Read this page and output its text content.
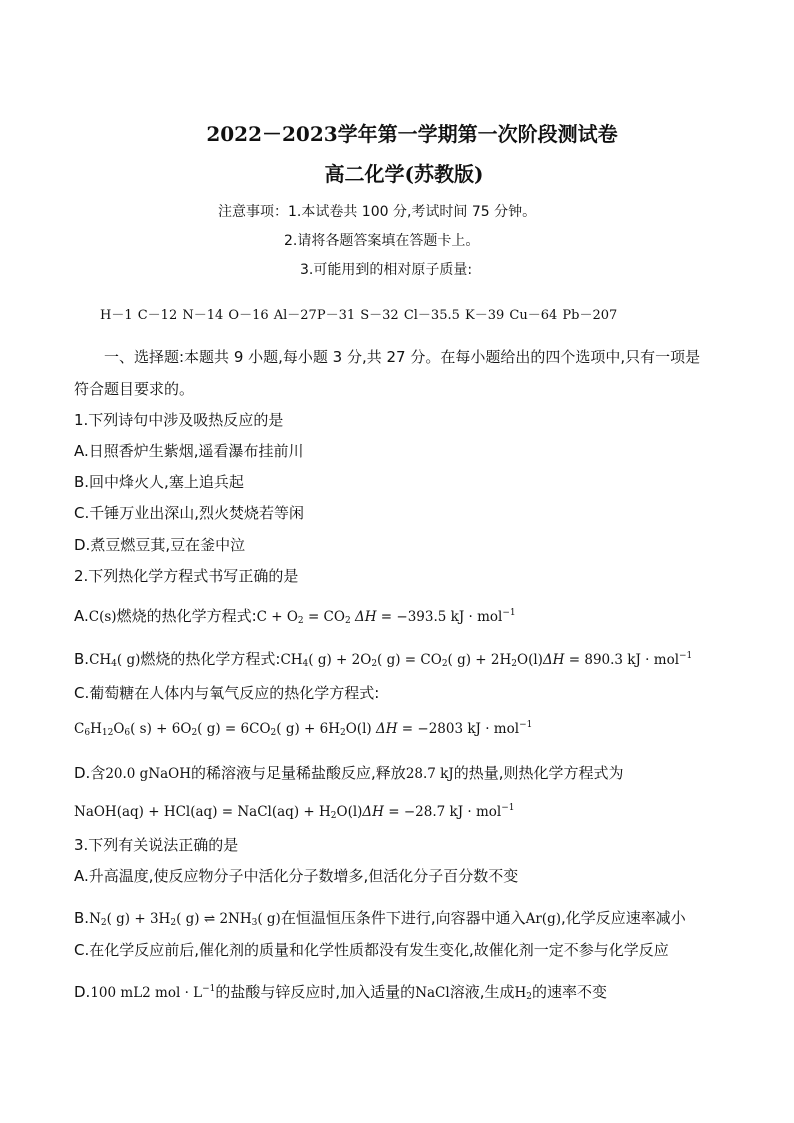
2022－2023学年第一学期第一次阶段测试卷
高二化学(苏教版)
注意事项：1.本试卷共 100 分,考试时间 75 分钟。
2.请将各题答案填在答题卡上。
3.可能用到的相对原子质量:
H－1 C－12 N－14 O－16 Al－27P－31 S－32 Cl－35.5 K－39 Cu－64 Pb－207
一、选择题:本题共 9 小题,每小题 3 分,共 27 分。在每小题给出的四个选项中,只有一项是
符合题目要求的。
1.下列诗句中涉及吸热反应的是
A.日照香炉生紫烟,遥看瀑布挂前川
B.回中烽火人,塞上追兵起
C.千锤万业出深山,烈火焚烧若等闲
D.煮豆燃豆萁,豆在釜中泣
2.下列热化学方程式书写正确的是
A.C(s)燃烧的热化学方程式:C + $O_2 = CO_2$ ΔH = −393.5 kJ · mol$^{-1}$
$B.CH_4$( g)燃烧的热化学方程式$:CH_4$( $g) + 2O_2$( $g) = CO_2$( $g) + 2H_2O(l)\Delta H = 890.3$ kJ · mol$^{-1}$
C.葡萄糖在人体内与氧气反应的热化学方程式:
$C_6H_{12}O_6$( $s) + 6O_2$( $g) = 6CO_2$( $g) + 6H_2O(l) \Delta H = -2803$ kJ · mol$^{-1}$
D.含20.0 gNaOH的稀溶液与足量稀盐酸反应,释放28.7 kJ的热量,则热化学方程式为
NaOH(aq) + HCl(aq) = NaCl(aq) + $H_2O(l)\Delta H = -28.7$ kJ · mol$^{-1}$
3.下列有关说法正确的是
A.升高温度,使反应物分子中活化分子数增多,但活化分子百分数不变
$B.N_2$( $g) + 3H_2$( g) ⇌ $2NH_3$( g)在恒温恒压条件下进行,向容器中通入Ar(g),化学反应速率减小
C.在化学反应前后,催化剂的质量和化学性质都没有发生变化,故催化剂一定不参与化学反应
D.100 mL2 mol · $L^{-1}$的盐酸与锌反应时,加入适量的NaCl溶液,生成$H_2$的速率不变
